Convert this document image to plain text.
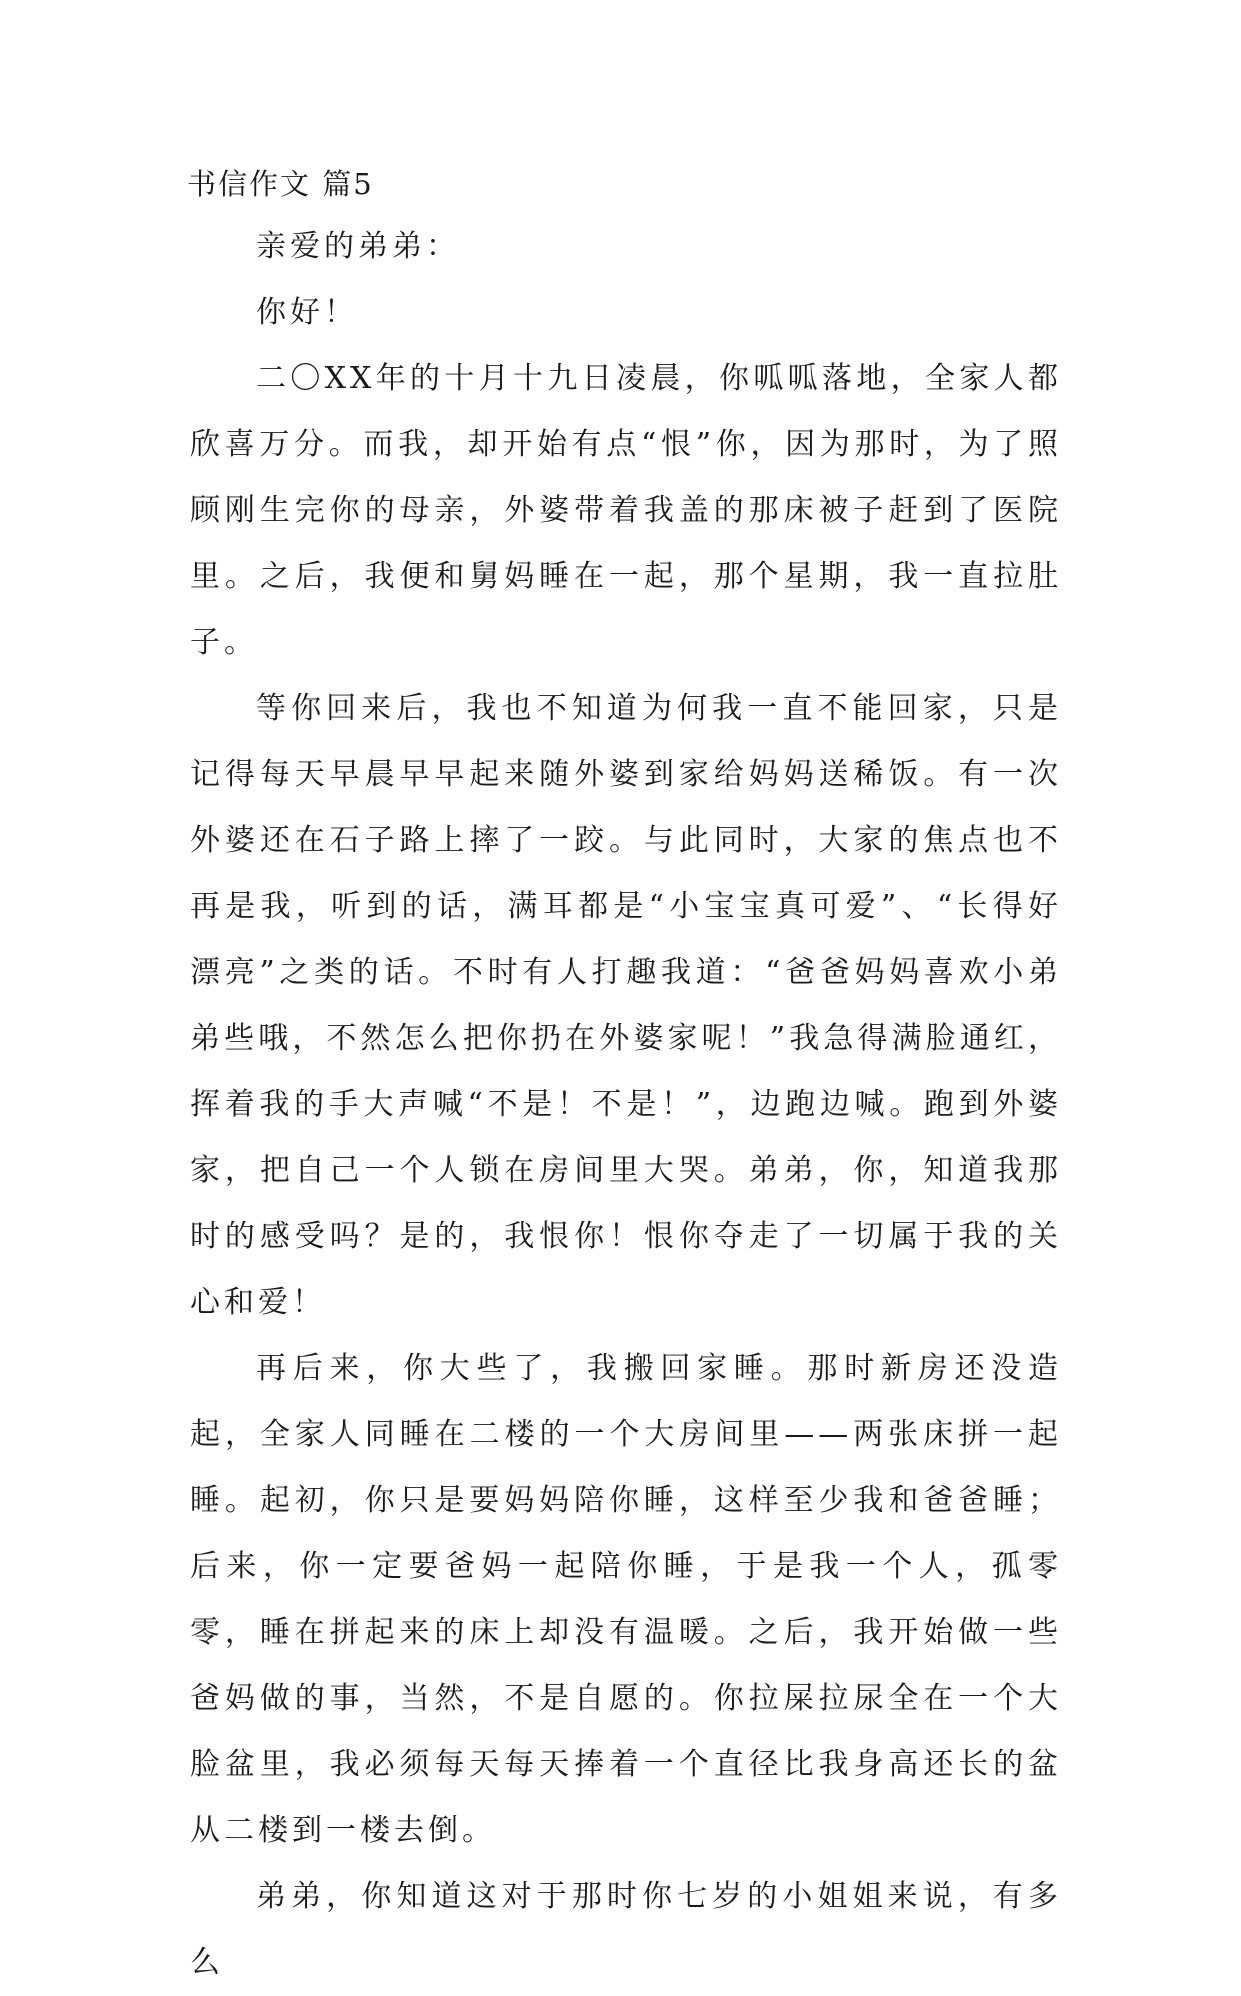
书信作文 篇5

亲爱的弟弟：

你好！

二〇XX年的十月十九日凌晨，你呱呱落地，全家人都欣喜万分。而我，却开始有点“恨”你，因为那时，为了照顾刚生完你的母亲，外婆带着我盖的那床被子赶到了医院里。之后，我便和舅妈睡在一起，那个星期，我一直拉肚子。

等你回来后，我也不知道为何我一直不能回家，只是记得每天早晨早早起来随外婆到家给妈妈送稀饭。有一次外婆还在石子路上摔了一跤。与此同时，大家的焦点也不再是我，听到的话，满耳都是“小宝宝真可爱”、“长得好漂亮”之类的话。不时有人打趣我道：“爸爸妈妈喜欢小弟弟些哦，不然怎么把你扔在外婆家呢！”我急得满脸通红，挥着我的手大声喊“不是！不是！”，边跑边喊。跑到外婆家，把自己一个人锁在房间里大哭。弟弟，你，知道我那时的感受吗？是的，我恨你！恨你夺走了一切属于我的关心和爱！

再后来，你大些了，我搬回家睡。那时新房还没造起，全家人同睡在二楼的一个大房间里——两张床拼一起睡。起初，你只是要妈妈陪你睡，这样至少我和爸爸睡；后来，你一定要爸妈一起陪你睡，于是我一个人，孤零零，睡在拼起来的床上却没有温暖。之后，我开始做一些爸妈做的事，当然，不是自愿的。你拉屎拉尿全在一个大脸盆里，我必须每天每天捧着一个直径比我身高还长的盆从二楼到一楼去倒。

弟弟，你知道这对于那时你七岁的小姐姐来说，有多么
